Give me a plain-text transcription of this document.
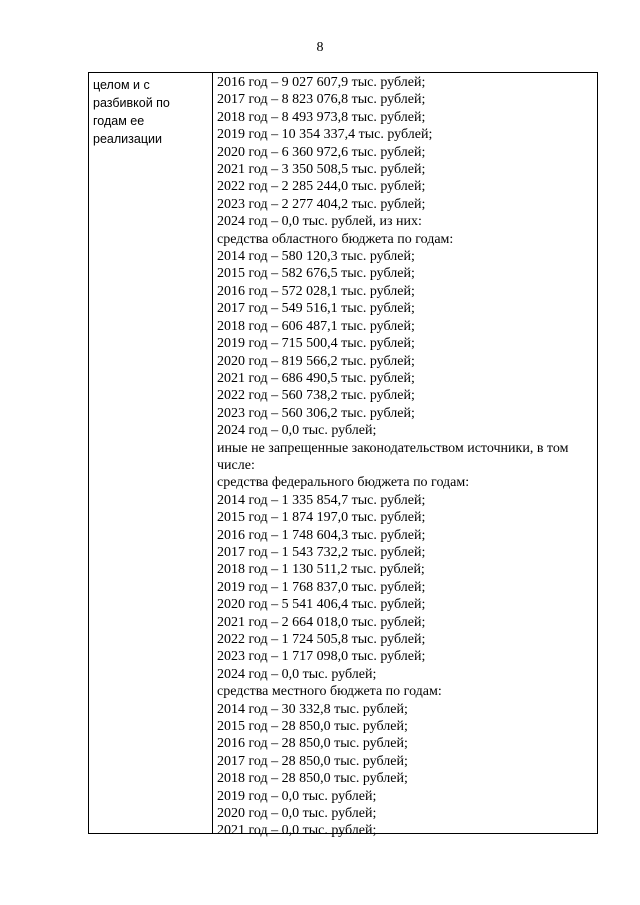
8
целом и с
разбивкой по
годам ее
реализации
2016 год – 9 027 607,9 тыс. рублей;
2017 год – 8 823 076,8 тыс. рублей;
2018 год – 8 493 973,8 тыс. рублей;
2019 год – 10 354 337,4 тыс. рублей;
2020 год – 6 360 972,6 тыс. рублей;
2021 год – 3 350 508,5 тыс. рублей;
2022 год – 2 285 244,0 тыс. рублей;
2023 год – 2 277 404,2 тыс. рублей;
2024 год – 0,0 тыс. рублей, из них:
средства областного бюджета по годам:
2014 год – 580 120,3 тыс. рублей;
2015 год – 582 676,5 тыс. рублей;
2016 год – 572 028,1 тыс. рублей;
2017 год – 549 516,1 тыс. рублей;
2018 год – 606 487,1 тыс. рублей;
2019 год – 715 500,4 тыс. рублей;
2020 год – 819 566,2 тыс. рублей;
2021 год – 686 490,5 тыс. рублей;
2022 год – 560 738,2 тыс. рублей;
2023 год – 560 306,2 тыс. рублей;
2024 год – 0,0 тыс. рублей;
иные не запрещенные законодательством источники, в том числе:
средства федерального бюджета по годам:
2014 год – 1 335 854,7 тыс. рублей;
2015 год – 1 874 197,0 тыс. рублей;
2016 год – 1 748 604,3 тыс. рублей;
2017 год – 1 543 732,2 тыс. рублей;
2018 год – 1 130 511,2 тыс. рублей;
2019 год – 1 768 837,0 тыс. рублей;
2020 год – 5 541 406,4 тыс. рублей;
2021 год – 2 664 018,0 тыс. рублей;
2022 год – 1 724 505,8 тыс. рублей;
2023 год – 1 717 098,0 тыс. рублей;
2024 год – 0,0 тыс. рублей;
средства местного бюджета по годам:
2014 год – 30 332,8 тыс. рублей;
2015 год – 28 850,0 тыс. рублей;
2016 год – 28 850,0 тыс. рублей;
2017 год – 28 850,0 тыс. рублей;
2018 год – 28 850,0 тыс. рублей;
2019 год – 0,0 тыс. рублей;
2020 год – 0,0 тыс. рублей;
2021 год – 0,0 тыс. рублей;
